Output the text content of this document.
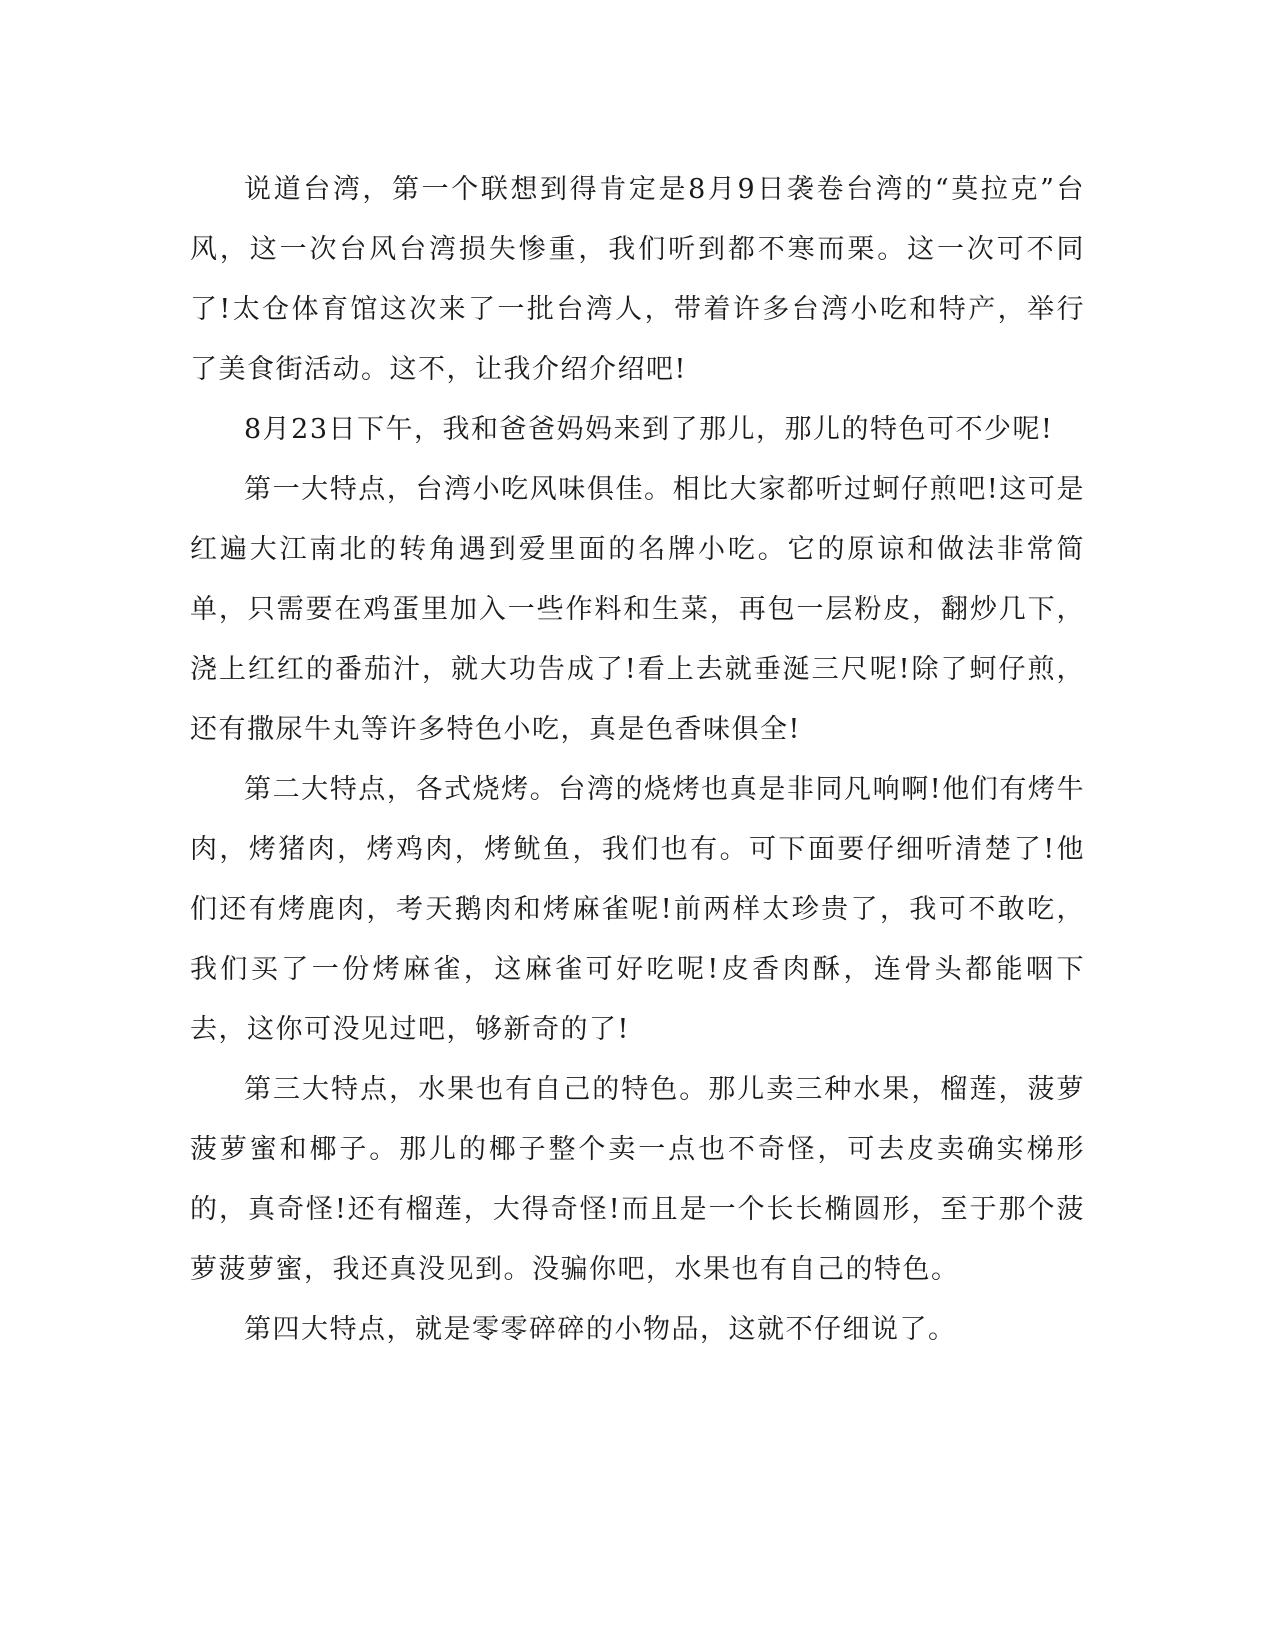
说道台湾，第一个联想到得肯定是8月9日袭卷台湾的“莫拉克”台风，这一次台风台湾损失惨重，我们听到都不寒而栗。这一次可不同了!太仓体育馆这次来了一批台湾人，带着许多台湾小吃和特产，举行了美食街活动。这不，让我介绍介绍吧!

8月23日下午，我和爸爸妈妈来到了那儿，那儿的特色可不少呢!

第一大特点，台湾小吃风味俱佳。相比大家都听过蚵仔煎吧!这可是红遍大江南北的转角遇到爱里面的名牌小吃。它的原谅和做法非常简单，只需要在鸡蛋里加入一些作料和生菜，再包一层粉皮，翻炒几下，浇上红红的番茄汁，就大功告成了!看上去就垂涎三尺呢!除了蚵仔煎，还有撒尿牛丸等许多特色小吃，真是色香味俱全!

第二大特点，各式烧烤。台湾的烧烤也真是非同凡响啊!他们有烤牛肉，烤猪肉，烤鸡肉，烤鱿鱼，我们也有。可下面要仔细听清楚了!他们还有烤鹿肉，考天鹅肉和烤麻雀呢!前两样太珍贵了，我可不敢吃，我们买了一份烤麻雀，这麻雀可好吃呢!皮香肉酥，连骨头都能咽下去，这你可没见过吧，够新奇的了!

第三大特点，水果也有自己的特色。那儿卖三种水果，榴莲，菠萝菠萝蜜和椰子。那儿的椰子整个卖一点也不奇怪，可去皮卖确实梯形的，真奇怪!还有榴莲，大得奇怪!而且是一个长长椭圆形，至于那个菠萝菠萝蜜，我还真没见到。没骗你吧，水果也有自己的特色。

第四大特点，就是零零碎碎的小物品，这就不仔细说了。
